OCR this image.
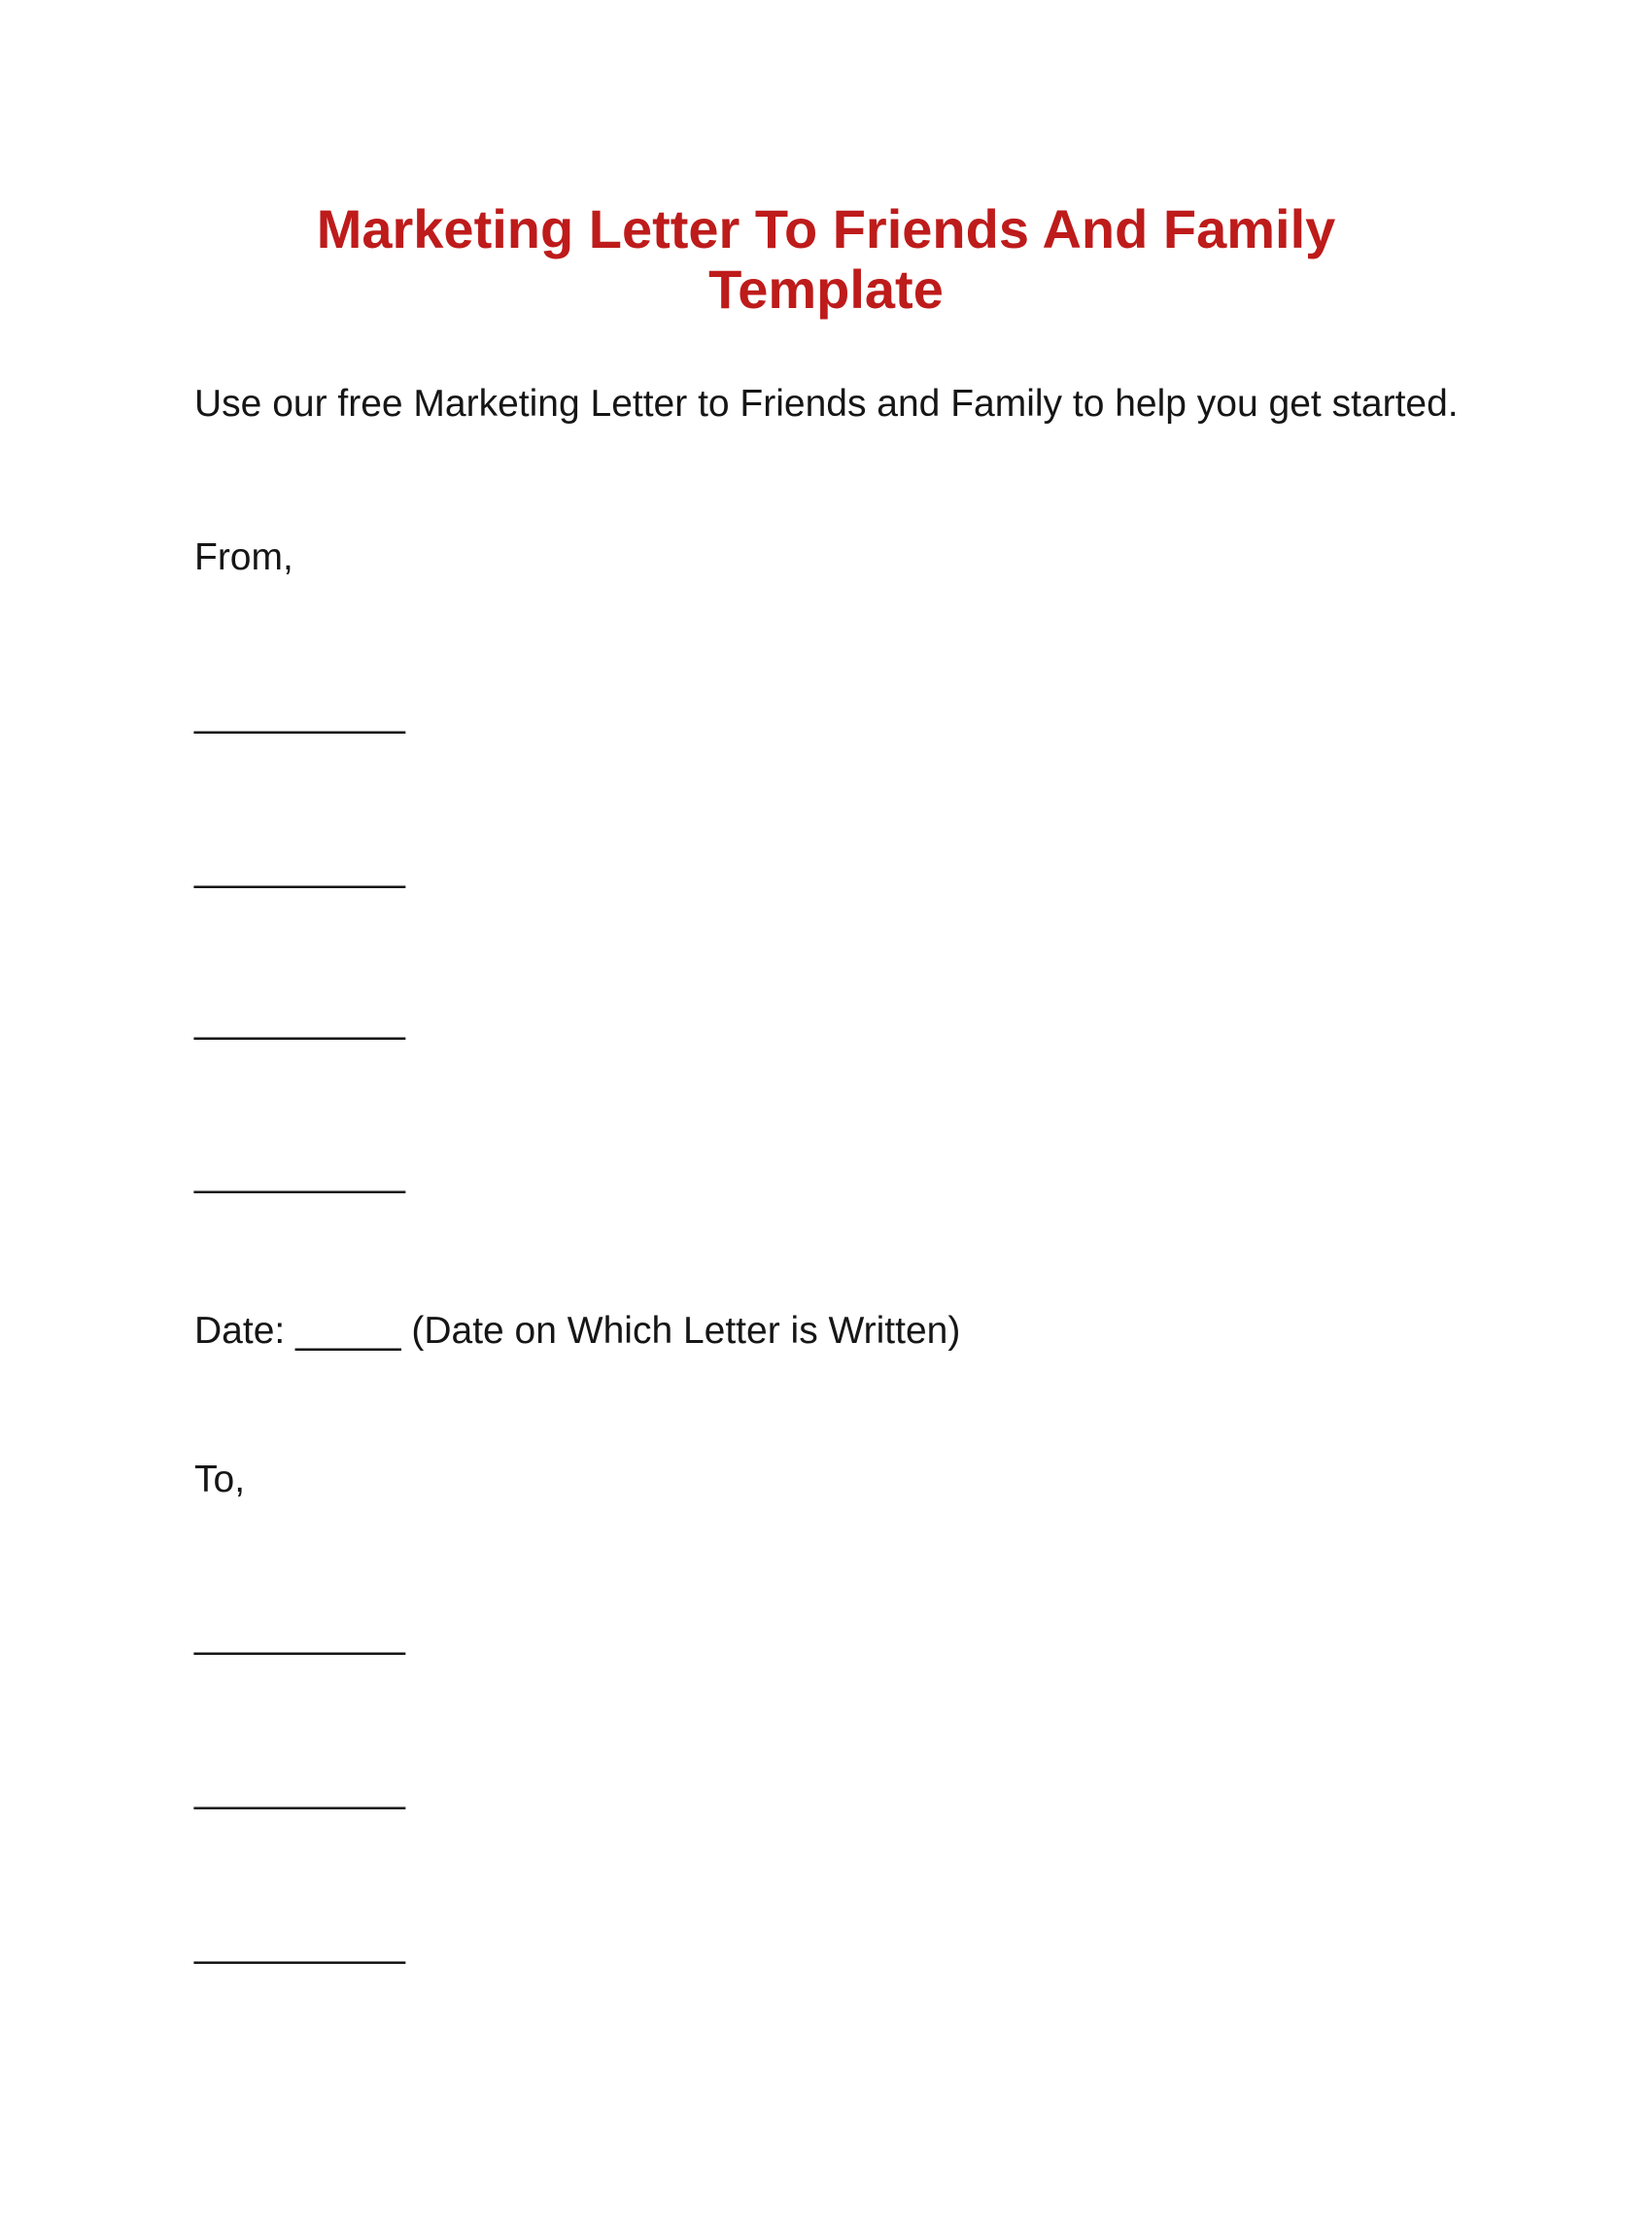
Marketing Letter To Friends And Family Template

Use our free Marketing Letter to Friends and Family to help you get started.

From,

__________

__________

__________

__________

Date: _____ (Date on Which Letter is Written)

To,

__________

__________

__________
